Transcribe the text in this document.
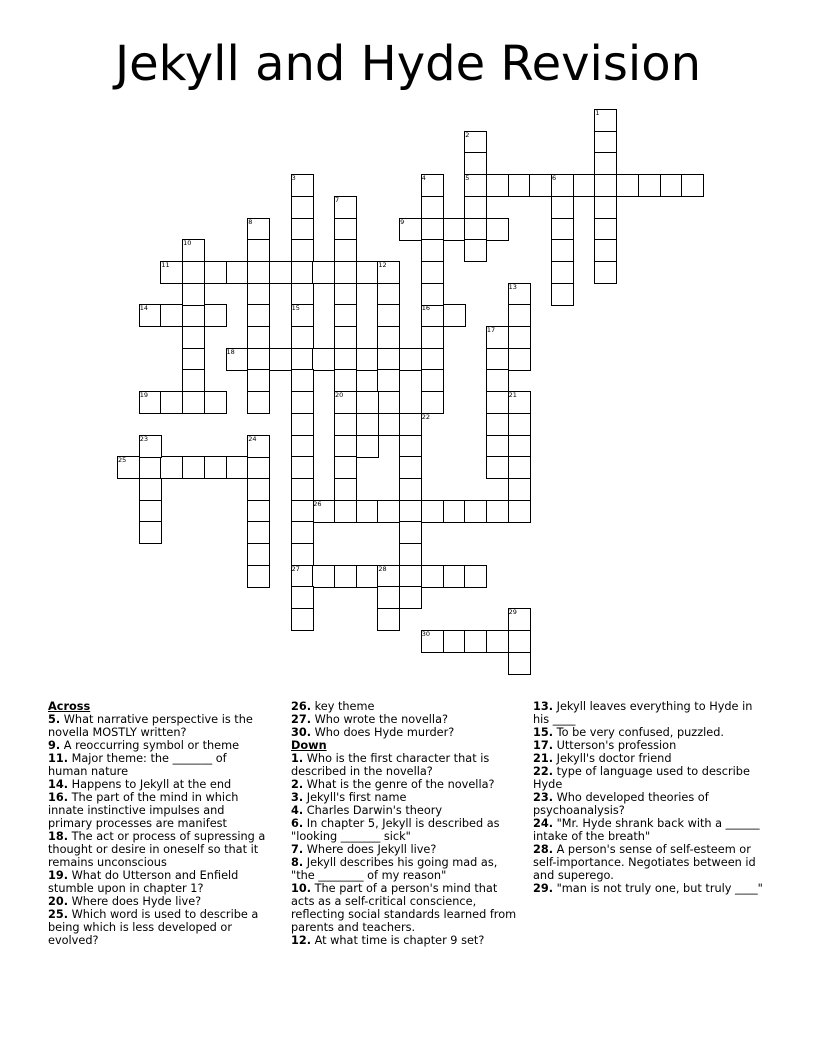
Jekyll and Hyde Revision
1
2
3	4	5	6
7
8	9
10
11	12
13
14	15	16
17
18
19	20	21
22
23	24
25
26
27	28
29
30
Across
5. What narrative perspective is the novella MOSTLY written?
9. A reoccurring symbol or theme
11. Major theme: the _______ of human nature
14. Happens to Jekyll at the end
16. The part of the mind in which innate instinctive impulses and primary processes are manifest
18. The act or process of supressing a thought or desire in oneself so that it remains unconscious
19. What do Utterson and Enfield stumble upon in chapter 1?
20. Where does Hyde live?
25. Which word is used to describe a being which is less developed or evolved?
26. key theme
27. Who wrote the novella?
30. Who does Hyde murder?
Down
1. Who is the first character that is described in the novella?
2. What is the genre of the novella?
3. Jekyll's first name
4. Charles Darwin's theory
6. In chapter 5, Jekyll is described as "looking _______ sick"
7. Where does Jekyll live?
8. Jekyll describes his going mad as, "the ________ of my reason"
10. The part of a person's mind that acts as a self-critical conscience, reflecting social standards learned from parents and teachers.
12. At what time is chapter 9 set?
13. Jekyll leaves everything to Hyde in his ____
15. To be very confused, puzzled.
17. Utterson's profession
21. Jekyll's doctor friend
22. type of language used to describe Hyde
23. Who developed theories of psychoanalysis?
24. "Mr. Hyde shrank back with a ______ intake of the breath"
28. A person's sense of self-esteem or self-importance. Negotiates between id and superego.
29. "man is not truly one, but truly ____"
